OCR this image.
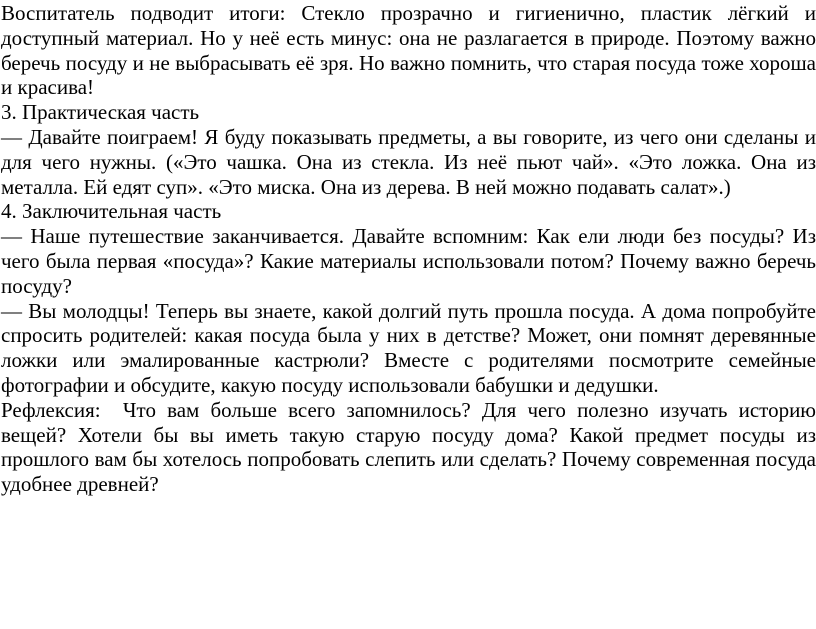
Воспитатель подводит итоги: Стекло прозрачно и гигиенично, пластик лёгкий и доступный материал. Но у неё есть минус: она не разлагается в природе. Поэтому важно беречь посуду и не выбрасывать её зря. Но важно помнить, что старая посуда тоже хороша и красива!

3. Практическая часть

— Давайте поиграем! Я буду показывать предметы, а вы говорите, из чего они сделаны и для чего нужны. («Это чашка. Она из стекла. Из неё пьют чай». «Это ложка. Она из металла. Ей едят суп». «Это миска. Она из дерева. В ней можно подавать салат».)

4. Заключительная часть

— Наше путешествие заканчивается. Давайте вспомним: Как ели люди без посуды? Из чего была первая «посуда»? Какие материалы использовали потом? Почему важно беречь посуду?

— Вы молодцы! Теперь вы знаете, какой долгий путь прошла посуда. А дома попробуйте спросить родителей: какая посуда была у них в детстве? Может, они помнят деревянные ложки или эмалированные кастрюли? Вместе с родителями посмотрите семейные фотографии и обсудите, какую посуду использовали бабушки и дедушки.

Рефлексия:  Что вам больше всего запомнилось? Для чего полезно изучать историю вещей? Хотели бы вы иметь такую старую посуду дома? Какой предмет посуды из прошлого вам бы хотелось попробовать слепить или сделать? Почему современная посуда удобнее древней?
